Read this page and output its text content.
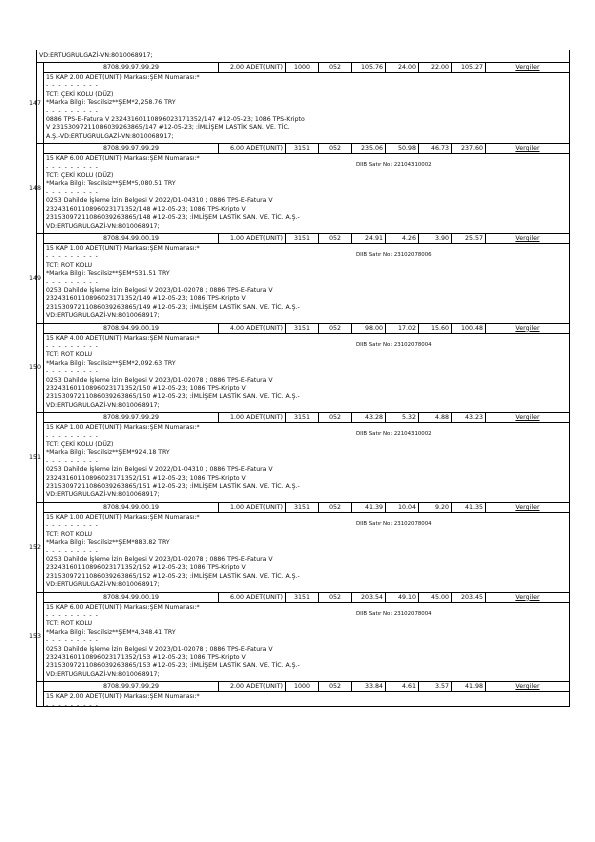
VD:ERTUGRULGAZİ-VN:8010068917;
147
8708.99.97.99.29	2.00 ADET(UNIT)	1000	052	105.76	24.00	22.00	105.27	Vergiler
15 KAP 2.00 ADET(UNIT) Markası:ŞEM Numarası:*
- - - - - - - - -
TCT: ÇEKİ KOLU (DÜZ)
*Marka Bilgi: Tescilsiz**ŞEM*2,258.76 TRY
- - - - - - - - -
0886 TPS-E-Fatura V 23243160110896023171352/147 #12-05-23; 1086 TPS-Kripto
V 23153097211086039263865/147 #12-05-23; :İMLİŞEM LASTİK SAN. VE. TİC.
A.Ş.-VD:ERTUGRULGAZİ-VN:8010068917;
148
8708.99.97.99.29	6.00 ADET(UNIT)	3151	052	235.06	50.98	46.73	237.60	Vergiler
15 KAP 6.00 ADET(UNIT) Markası:ŞEM Numarası:*
- - - - - - - - -
TCT: ÇEKİ KOLU (DÜZ)
*Marka Bilgi: Tescilsiz**ŞEM*5,080.51 TRY
- - - - - - - - -
0253 Dahilde İşleme İzin Belgesi V 2022/D1-04310 ; 0886 TPS-E-Fatura V
23243160110896023171352/148 #12-05-23; 1086 TPS-Kripto V
23153097211086039263865/148 #12-05-23; :İMLİŞEM LASTİK SAN. VE. TİC. A.Ş.-
VD:ERTUGRULGAZİ-VN:8010068917;
DIIB Satır No: 22104310002
149
8708.94.99.00.19	1.00 ADET(UNIT)	3151	052	24.91	4.26	3.90	25.57	Vergiler
15 KAP 1.00 ADET(UNIT) Markası:ŞEM Numarası:*
- - - - - - - - -
TCT: ROT KOLU
*Marka Bilgi: Tescilsiz**ŞEM*531.51 TRY
- - - - - - - - -
0253 Dahilde İşleme İzin Belgesi V 2023/D1-02078 ; 0886 TPS-E-Fatura V
23243160110896023171352/149 #12-05-23; 1086 TPS-Kripto V
23153097211086039263865/149 #12-05-23; :İMLİŞEM LASTİK SAN. VE. TİC. A.Ş.-
VD:ERTUGRULGAZİ-VN:8010068917;
DIIB Satır No: 23102078006
150
8708.94.99.00.19	4.00 ADET(UNIT)	3151	052	98.00	17.02	15.60	100.48	Vergiler
15 KAP 4.00 ADET(UNIT) Markası:ŞEM Numarası:*
- - - - - - - - -
TCT: ROT KOLU
*Marka Bilgi: Tescilsiz**ŞEM*2,092.63 TRY
- - - - - - - - -
0253 Dahilde İşleme İzin Belgesi V 2023/D1-02078 ; 0886 TPS-E-Fatura V
23243160110896023171352/150 #12-05-23; 1086 TPS-Kripto V
23153097211086039263865/150 #12-05-23; :İMLİŞEM LASTİK SAN. VE. TİC. A.Ş.-
VD:ERTUGRULGAZİ-VN:8010068917;
DIIB Satır No: 23102078004
151
8708.99.97.99.29	1.00 ADET(UNIT)	3151	052	43.28	5.32	4.88	43.23	Vergiler
15 KAP 1.00 ADET(UNIT) Markası:ŞEM Numarası:*
- - - - - - - - -
TCT: ÇEKİ KOLU (DÜZ)
*Marka Bilgi: Tescilsiz**ŞEM*924.18 TRY
- - - - - - - - -
0253 Dahilde İşleme İzin Belgesi V 2022/D1-04310 ; 0886 TPS-E-Fatura V
23243160110896023171352/151 #12-05-23; 1086 TPS-Kripto V
23153097211086039263865/151 #12-05-23; :İMLİŞEM LASTİK SAN. VE. TİC. A.Ş.-
VD:ERTUGRULGAZİ-VN:8010068917;
DIIB Satır No: 22104310002
152
8708.94.99.00.19	1.00 ADET(UNIT)	3151	052	41.39	10.04	9.20	41.35	Vergiler
15 KAP 1.00 ADET(UNIT) Markası:ŞEM Numarası:*
- - - - - - - - -
TCT: ROT KOLU
*Marka Bilgi: Tescilsiz**ŞEM*883.82 TRY
- - - - - - - - -
0253 Dahilde İşleme İzin Belgesi V 2023/D1-02078 ; 0886 TPS-E-Fatura V
23243160110896023171352/152 #12-05-23; 1086 TPS-Kripto V
23153097211086039263865/152 #12-05-23; :İMLİŞEM LASTİK SAN. VE. TİC. A.Ş.-
VD:ERTUGRULGAZİ-VN:8010068917;
DIIB Satır No: 23102078004
153
8708.94.99.00.19	6.00 ADET(UNIT)	3151	052	203.54	49.10	45.00	203.45	Vergiler
15 KAP 6.00 ADET(UNIT) Markası:ŞEM Numarası:*
- - - - - - - - -
TCT: ROT KOLU
*Marka Bilgi: Tescilsiz**ŞEM*4,348.41 TRY
- - - - - - - - -
0253 Dahilde İşleme İzin Belgesi V 2023/D1-02078 ; 0886 TPS-E-Fatura V
23243160110896023171352/153 #12-05-23; 1086 TPS-Kripto V
23153097211086039263865/153 #12-05-23; :İMLİŞEM LASTİK SAN. VE. TİC. A.Ş.-
VD:ERTUGRULGAZİ-VN:8010068917;
DIIB Satır No: 23102078004
8708.99.97.99.29	2.00 ADET(UNIT)	1000	052	33.84	4.61	3.57	41.98	Vergiler
15 KAP 2.00 ADET(UNIT) Markası:ŞEM Numarası:*
- - - - - - - - -
